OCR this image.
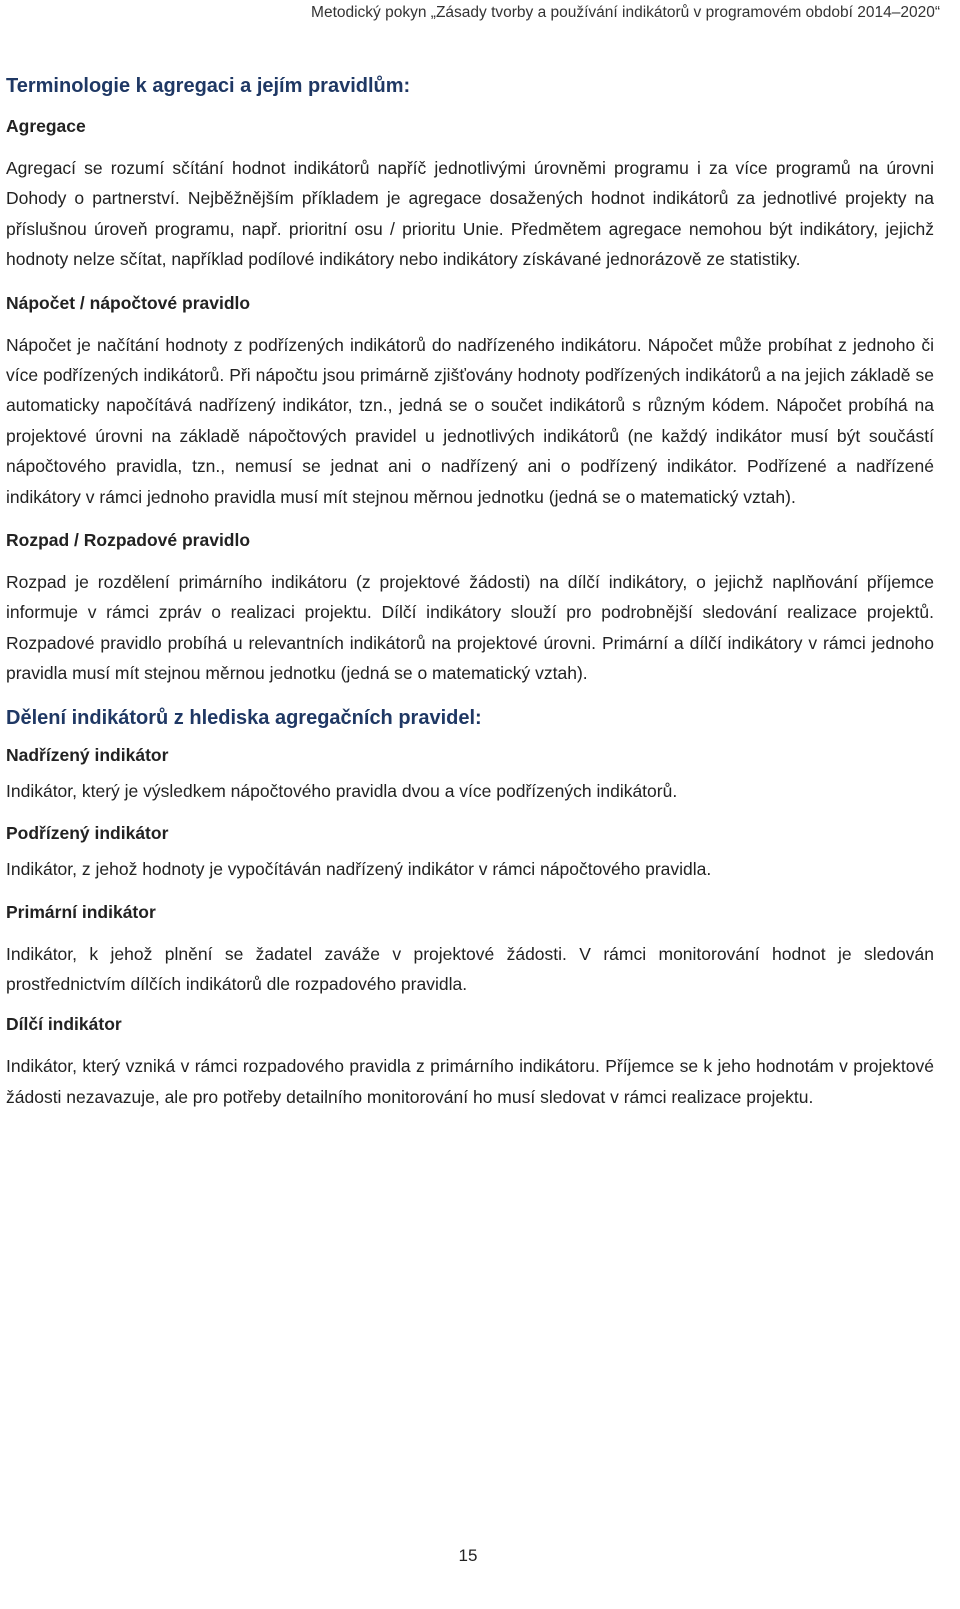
Metodický pokyn „Zásady tvorby a používání indikátorů v programovém období 2014–2020“
Terminologie k agregaci a jejím pravidlům:
Agregace

Agregací se rozumí sčítání hodnot indikátorů napříč jednotlivými úrovněmi programu i za více programů na úrovni Dohody o partnerství. Nejběžnějším příkladem je agregace dosažených hodnot indikátorů za jednotlivé projekty na příslušnou úroveň programu, např. prioritní osu / prioritu Unie. Předmětem agregace nemohou být indikátory, jejichž hodnoty nelze sčítat, například podílové indikátory nebo indikátory získávané jednorázově ze statistiky.

Nápočet / nápočtové pravidlo

Nápočet je načítání hodnoty z podřízených indikátorů do nadřízeného indikátoru. Nápočet může probíhat z jednoho či více podřízených indikátorů. Při nápočtu jsou primárně zjišťovány hodnoty podřízených indikátorů a na jejich základě se automaticky napočítává nadřízený indikátor, tzn., jedná se o součet indikátorů s různým kódem. Nápočet probíhá na projektové úrovni na základě nápočtových pravidel u jednotlivých indikátorů (ne každý indikátor musí být součástí nápočtového pravidla, tzn., nemusí se jednat ani o nadřízený ani o podřízený indikátor. Podřízené a nadřízené indikátory v rámci jednoho pravidla musí mít stejnou měrnou jednotku (jedná se o matematický vztah).

Rozpad / Rozpadové pravidlo

Rozpad je rozdělení primárního indikátoru (z projektové žádosti) na dílčí indikátory, o jejichž naplňování příjemce informuje v rámci zpráv o realizaci projektu. Dílčí indikátory slouží pro podrobnější sledování realizace projektů. Rozpadové pravidlo probíhá u relevantních indikátorů na projektové úrovni. Primární a dílčí indikátory v rámci jednoho pravidla musí mít stejnou měrnou jednotku (jedná se o matematický vztah).

Dělení indikátorů z hlediska agregačních pravidel:
Nadřízený indikátor

Indikátor, který je výsledkem nápočtového pravidla dvou a více podřízených indikátorů.

Podřízený indikátor

Indikátor, z jehož hodnoty je vypočítáván nadřízený indikátor v rámci nápočtového pravidla.

Primární indikátor

Indikátor, k jehož plnění se žadatel zaváže v projektové žádosti. V rámci monitorování hodnot je sledován prostřednictvím dílčích indikátorů dle rozpadového pravidla.

Dílčí indikátor

Indikátor, který vzniká v rámci rozpadového pravidla z primárního indikátoru. Příjemce se k jeho hodnotám v projektové žádosti nezavazuje, ale pro potřeby detailního monitorování ho musí sledovat v rámci realizace projektu.

15
